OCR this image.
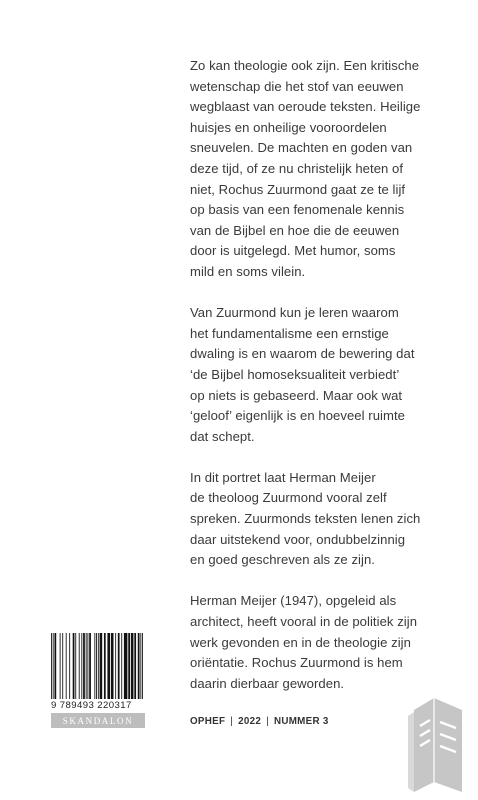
Zo kan theologie ook zijn. Een kritische
wetenschap die het stof van eeuwen
wegblaast van oeroude teksten. Heilige
huisjes en onheilige vooroordelen
sneuvelen. De machten en goden van
deze tijd, of ze nu christelijk heten of
niet, Rochus Zuurmond gaat ze te lijf
op basis van een fenomenale kennis
van de Bijbel en hoe die de eeuwen
door is uitgelegd. Met humor, soms
mild en soms vilein.

Van Zuurmond kun je leren waarom
het fundamentalisme een ernstige
dwaling is en waarom de bewering dat
‘de Bijbel homoseksualiteit verbiedt’
op niets is gebaseerd. Maar ook wat
‘geloof’ eigenlijk is en hoeveel ruimte
dat schept.

In dit portret laat Herman Meijer
de theoloog Zuurmond vooral zelf
spreken. Zuurmonds teksten lenen zich
daar uitstekend voor, ondubbelzinnig
en goed geschreven als ze zijn.

Herman Meijer (1947), opgeleid als
architect, heeft vooral in de politiek zijn
werk gevonden en in de theologie zijn
oriëntatie. Rochus Zuurmond is hem
daarin dierbaar geworden.

9 789493 220317
SKANDALON	OPHEF | 2022 | NUMMER 3
